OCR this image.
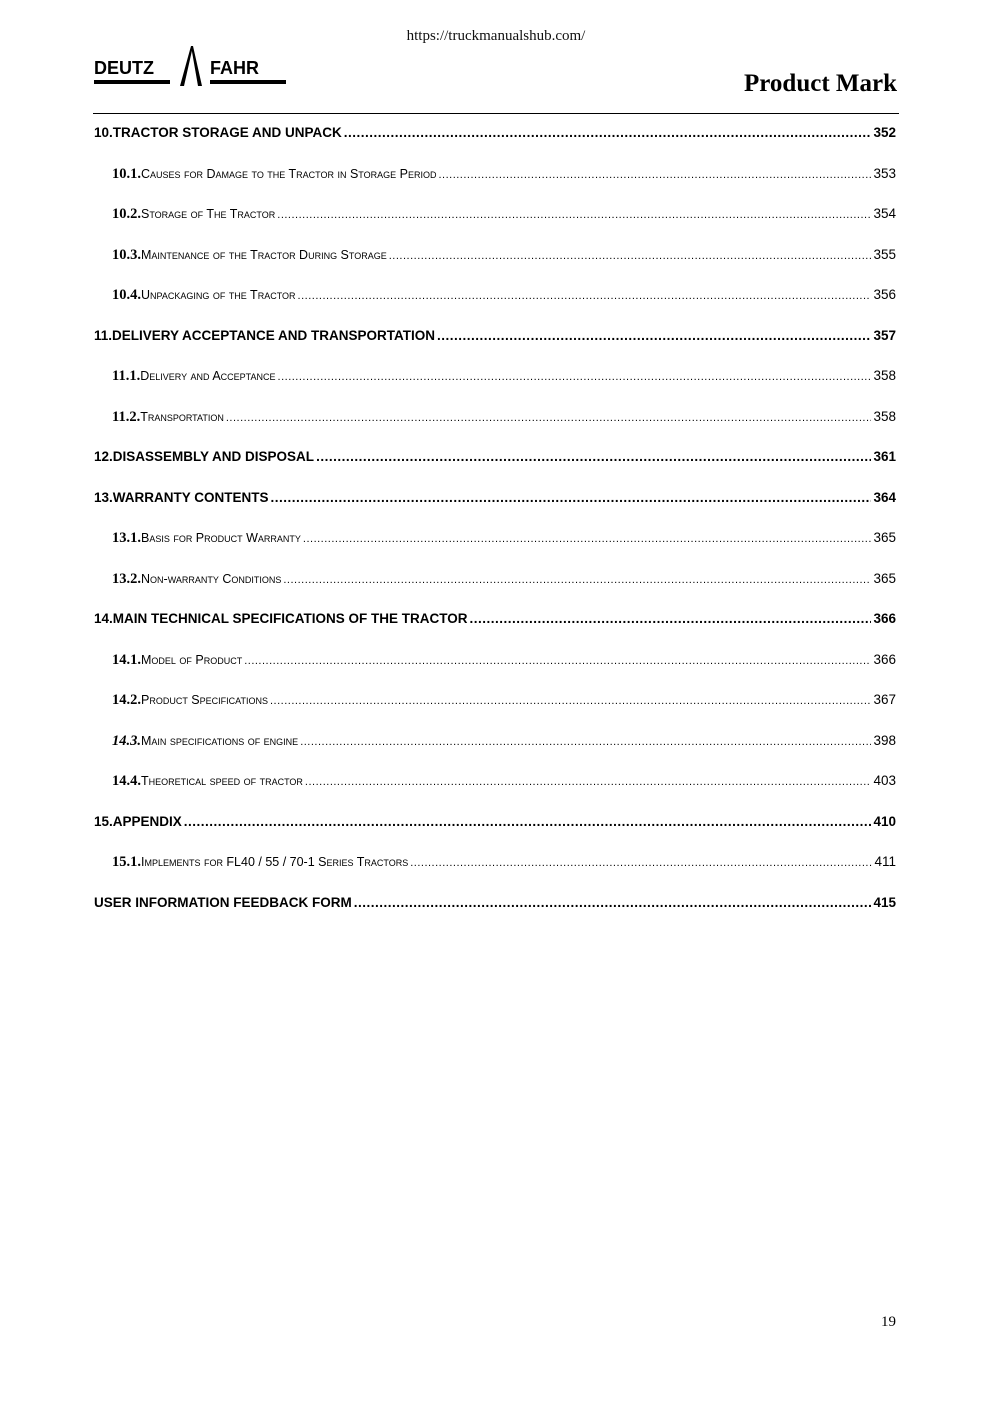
https://truckmanualshub.com/
DEUTZ	FAHR
Product Mark
10.TRACTOR STORAGE AND UNPACK .....	352
10.1. Causes for Damage to the Tractor in Storage Period .....	353
10.2. Storage of The Tractor .....	354
10.3. Maintenance of the Tractor During Storage .....	355
10.4. Unpackaging of the Tractor .....	356
11.DELIVERY ACCEPTANCE AND TRANSPORTATION .....	357
11.1. Delivery and Acceptance .....	358
11.2. Transportation .....	358
12.DISASSEMBLY AND DISPOSAL .....	361
13.WARRANTY CONTENTS .....	364
13.1. Basis for Product Warranty .....	365
13.2. Non-warranty Conditions .....	365
14.MAIN TECHNICAL SPECIFICATIONS OF THE TRACTOR .....	366
14.1. Model of Product .....	366
14.2. Product Specifications .....	367
14.3. Main specifications of engine .....	398
14.4. Theoretical speed of tractor .....	403
15.APPENDIX .....	410
15.1. Implements for FL40 / 55 / 70-1 Series Tractors .....	411
USER INFORMATION FEEDBACK FORM .....	415
19
